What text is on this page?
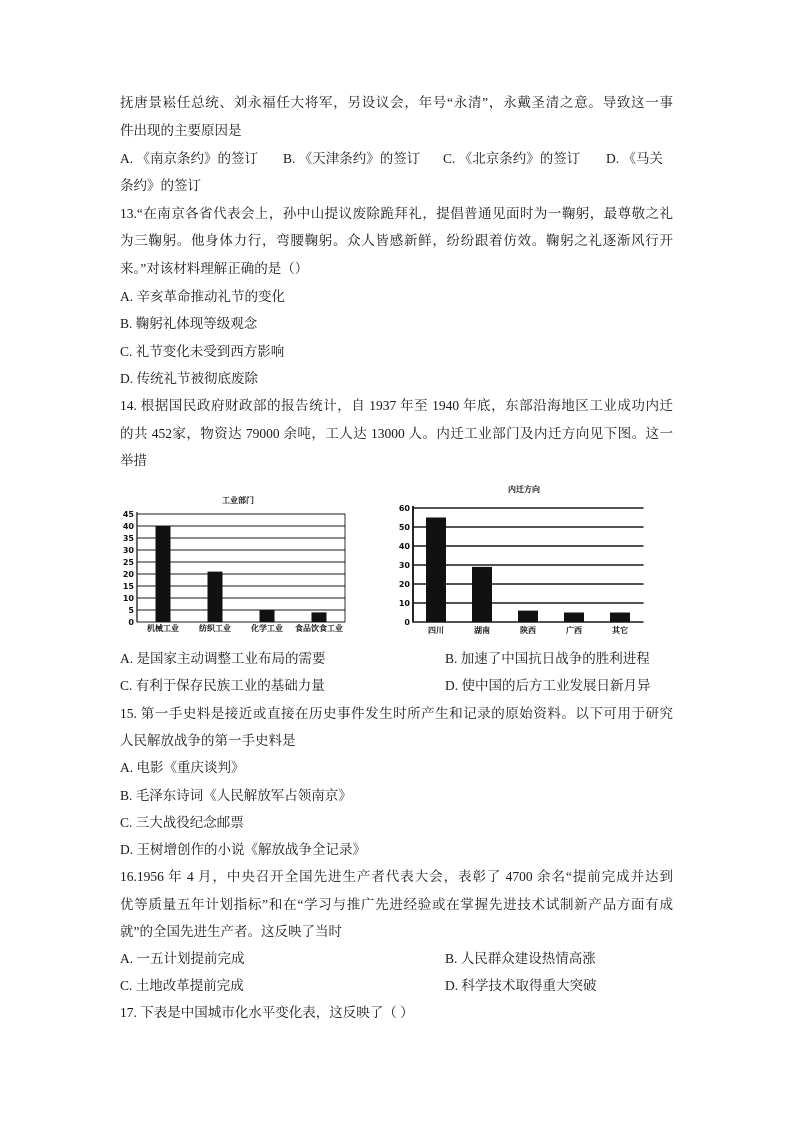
抚唐景崧任总统、刘永福任大将军，另设议会，年号“永清”，永戴圣清之意。导致这一事
件出现的主要原因是
A. 《南京条约》的签订 B. 《天津条约》的签订 C. 《北京条约》的签订 D. 《马关
条约》的签订
13.“在南京各省代表会上，孙中山提议废除跪拜礼，提倡普通见面时为一鞠躬，最尊敬之礼
为三鞠躬。他身体力行，弯腰鞠躬。众人皆感新鲜，纷纷跟着仿效。鞠躬之礼逐渐风行开
来。”对该材料理解正确的是（）
A. 辛亥革命推动礼节的变化
B. 鞠躬礼体现等级观念
C. 礼节变化未受到西方影响
D. 传统礼节被彻底废除
14. 根据国民政府财政部的报告统计，自 1937 年至 1940 年底，东部沿海地区工业成功内迁
的共 452家，物资达 79000 余吨，工人达 13000 人。内迁工业部门及内迁方向见下图。这一
举措
工业部门
0
5
10
15
20
25
30
35
40
45
机械工业	纺织工业	化学工业 食品饮食工业
内迁方向
0
10
20
30
40
50
60
四川	湖南	陕西	广西	其它
A. 是国家主动调整工业布局的需要	B. 加速了中国抗日战争的胜利进程
C. 有利于保存民族工业的基础力量	D. 使中国的后方工业发展日新月异
15. 第一手史料是接近或直接在历史事件发生时所产生和记录的原始资料。以下可用于研究
人民解放战争的第一手史料是
A. 电影《重庆谈判》
B. 毛泽东诗词《人民解放军占领南京》
C. 三大战役纪念邮票
D. 王树增创作的小说《解放战争全记录》
16.1956 年 4 月，中央召开全国先进生产者代表大会，表彰了 4700 余名“提前完成并达到
优等质量五年计划指标”和在“学习与推广先进经验或在掌握先进技术试制新产品方面有成
就”的全国先进生产者。这反映了当时
A. 一五计划提前完成	B. 人民群众建设热情高涨
C. 土地改革提前完成	D. 科学技术取得重大突破
17. 下表是中国城市化水平变化表，这反映了（ ）
